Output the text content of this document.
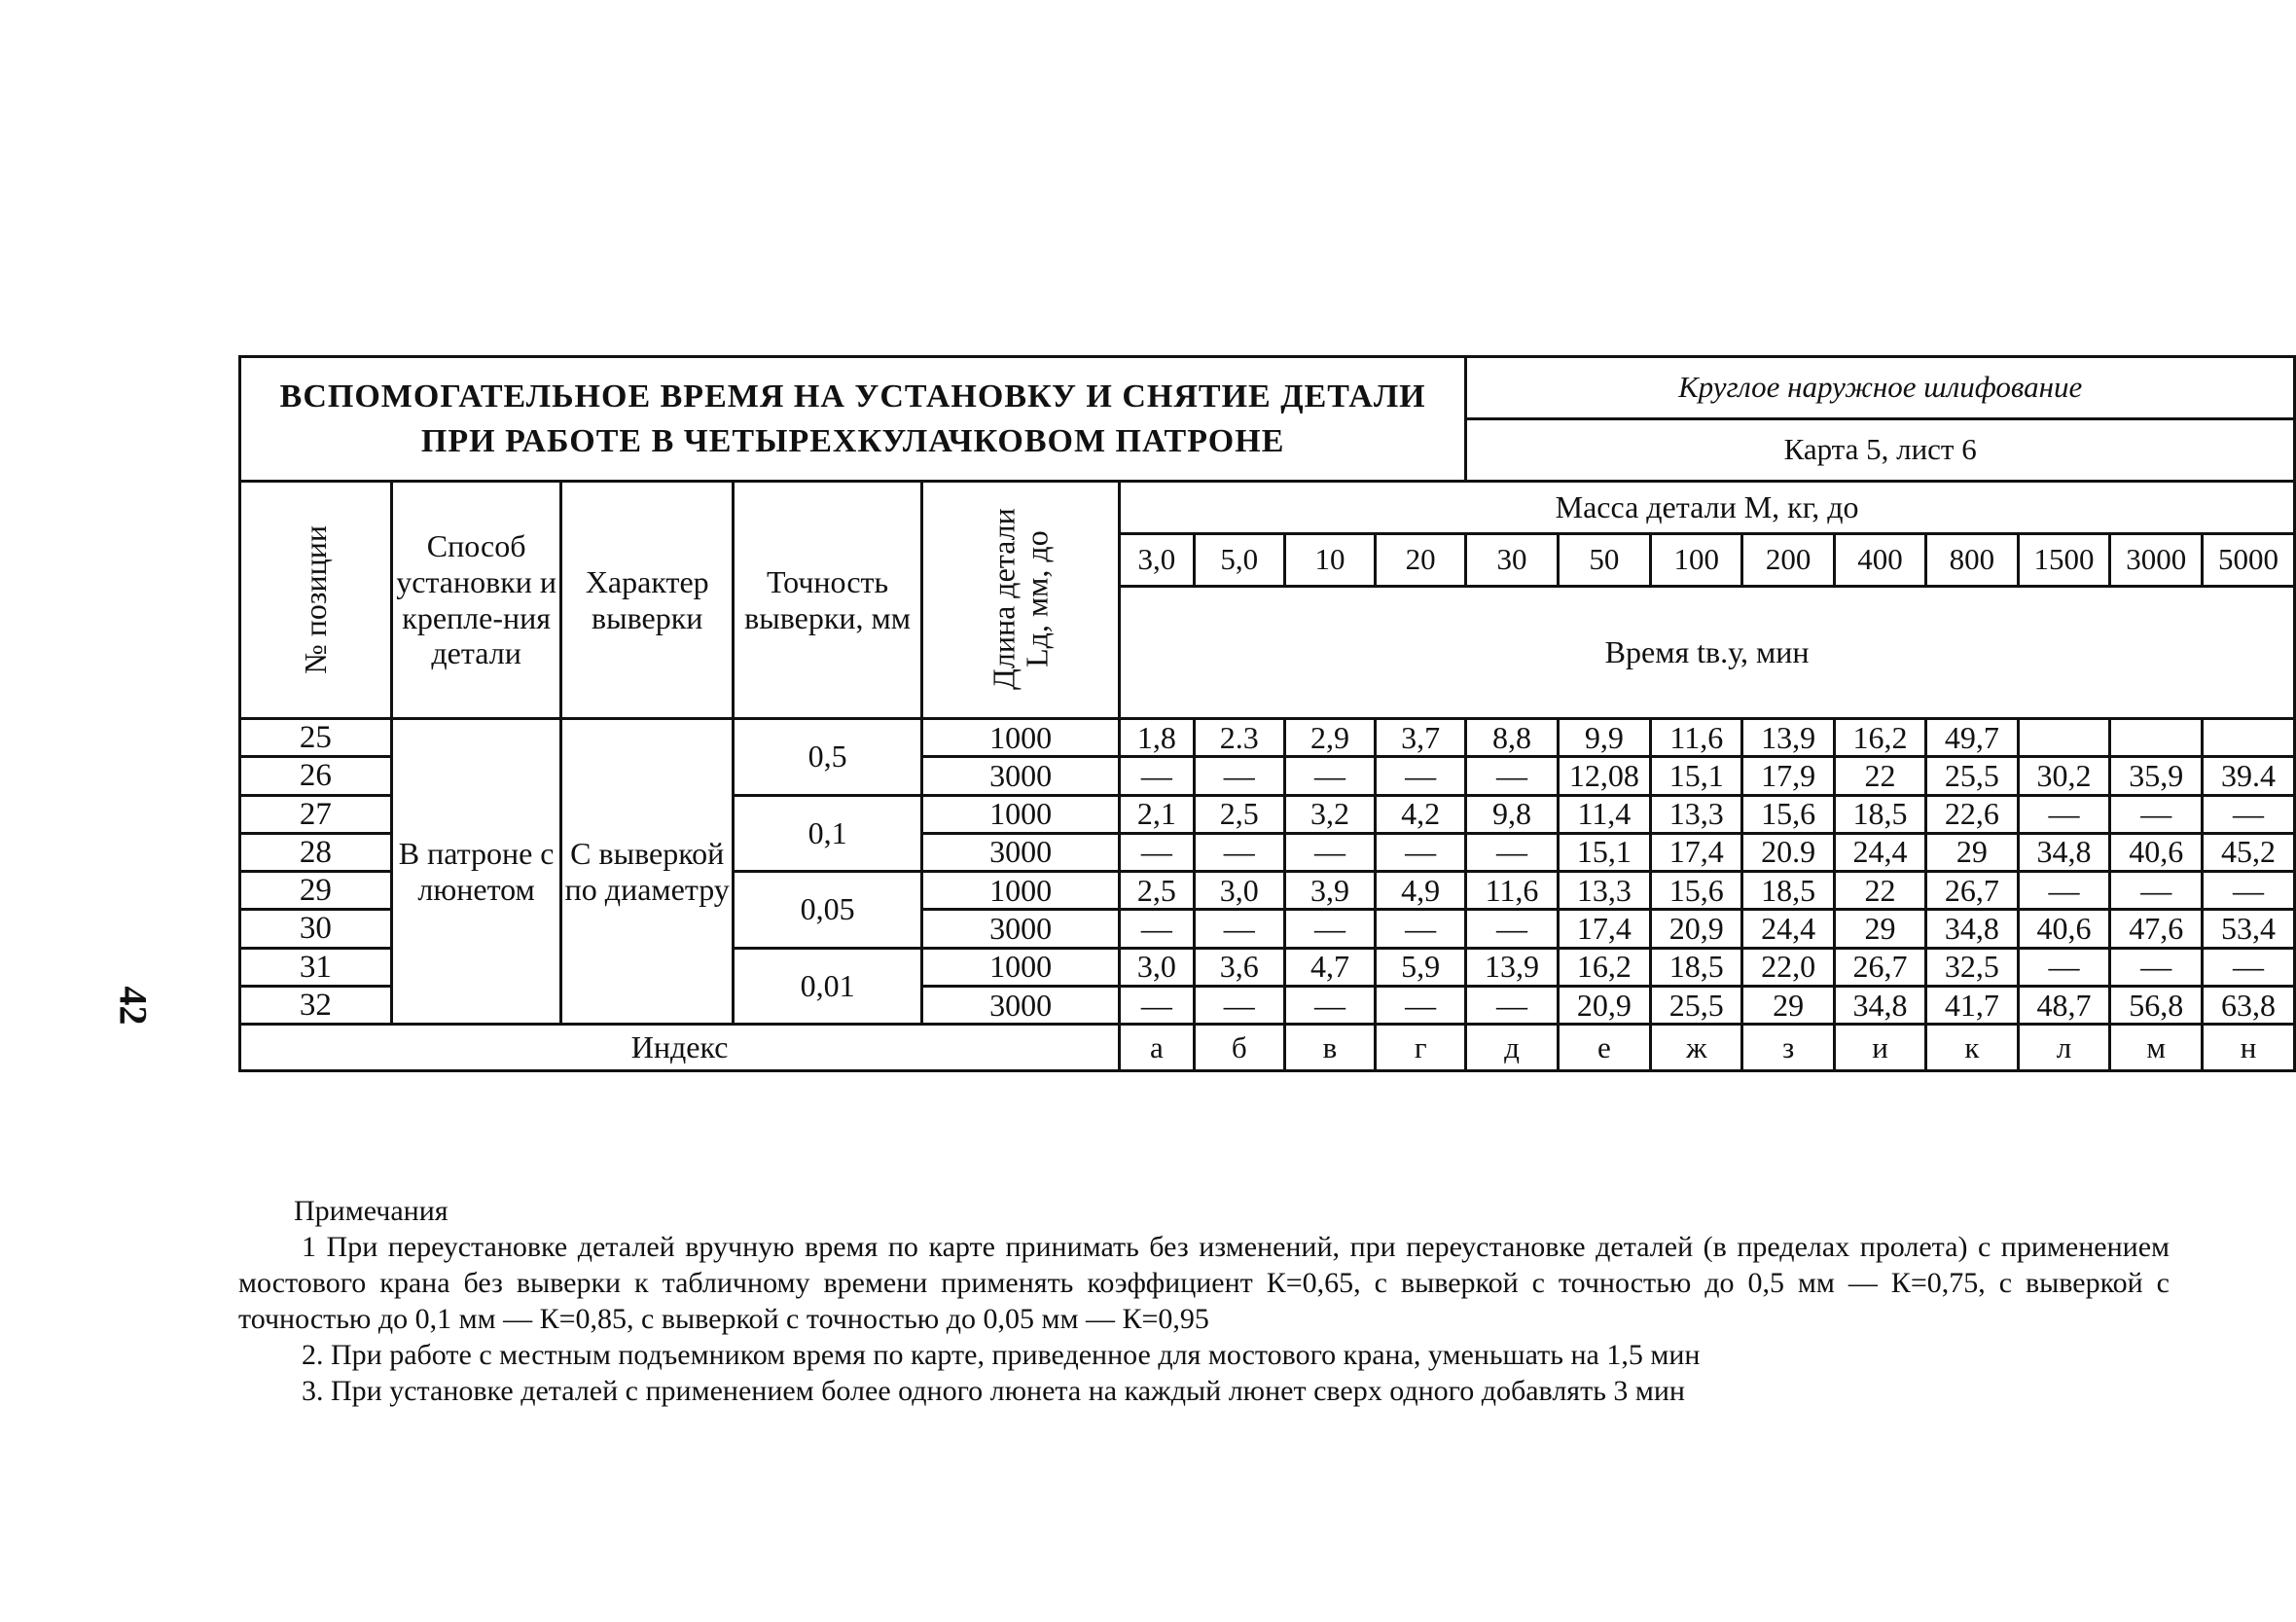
42
ВСПОМОГАТЕЛЬНОЕ ВРЕМЯ НА УСТАНОВКУ И СНЯТИЕ ДЕТАЛИ
ПРИ РАБОТЕ В ЧЕТЫРЕХКУЛАЧКОВОМ ПАТРОНЕ									Круглое наружное шлифование								
									Карта 5, лист 6								
№ позиции	Способ установки и крепле-ния детали	Характер выверки	Точность выверки, мм	Длина детали Lд, мм, до	Масса детали М, кг, до												
					3,0	5,0	10	20	30	50	100	200	400	800	1500	3000	5000
					Время tв.у, мин												
25	В патроне с люнетом	С выверкой по диаметру	0,5	1000	1,8	2.3	2,9	3,7	8,8	9,9	11,6	13,9	16,2	49,7			
26				3000	—	—	—	—	—	12,08	15,1	17,9	22	25,5	30,2	35,9	39.4
27			0,1	1000	2,1	2,5	3,2	4,2	9,8	11,4	13,3	15,6	18,5	22,6	—	—	—
28				3000	—	—	—	—	—	15,1	17,4	20.9	24,4	29	34,8	40,6	45,2
29			0,05	1000	2,5	3,0	3,9	4,9	11,6	13,3	15,6	18,5	22	26,7	—	—	—
30				3000	—	—	—	—	—	17,4	20,9	24,4	29	34,8	40,6	47,6	53,4
31			0,01	1000	3,0	3,6	4,7	5,9	13,9	16,2	18,5	22,0	26,7	32,5	—	—	—
32				3000	—	—	—	—	—	20,9	25,5	29	34,8	41,7	48,7	56,8	63,8
Индекс					а	б	в	г	д	е	ж	з	и	к	л	м	н

Примечания

1 При переустановке деталей вручную время по карте принимать без изменений, при переустановке деталей (в пределах пролета) с применением мостового крана без выверки к табличному времени применять коэффициент К=0,65, с выверкой с точностью до 0,5 мм — К=0,75, с выверкой с точностью до 0,1 мм — К=0,85, с выверкой с точностью до 0,05 мм — К=0,95

2. При работе с местным подъемником время по карте, приведенное для мостового крана, уменьшать на 1,5 мин

3. При установке деталей с применением более одного люнета на каждый люнет сверх одного добавлять 3 мин
